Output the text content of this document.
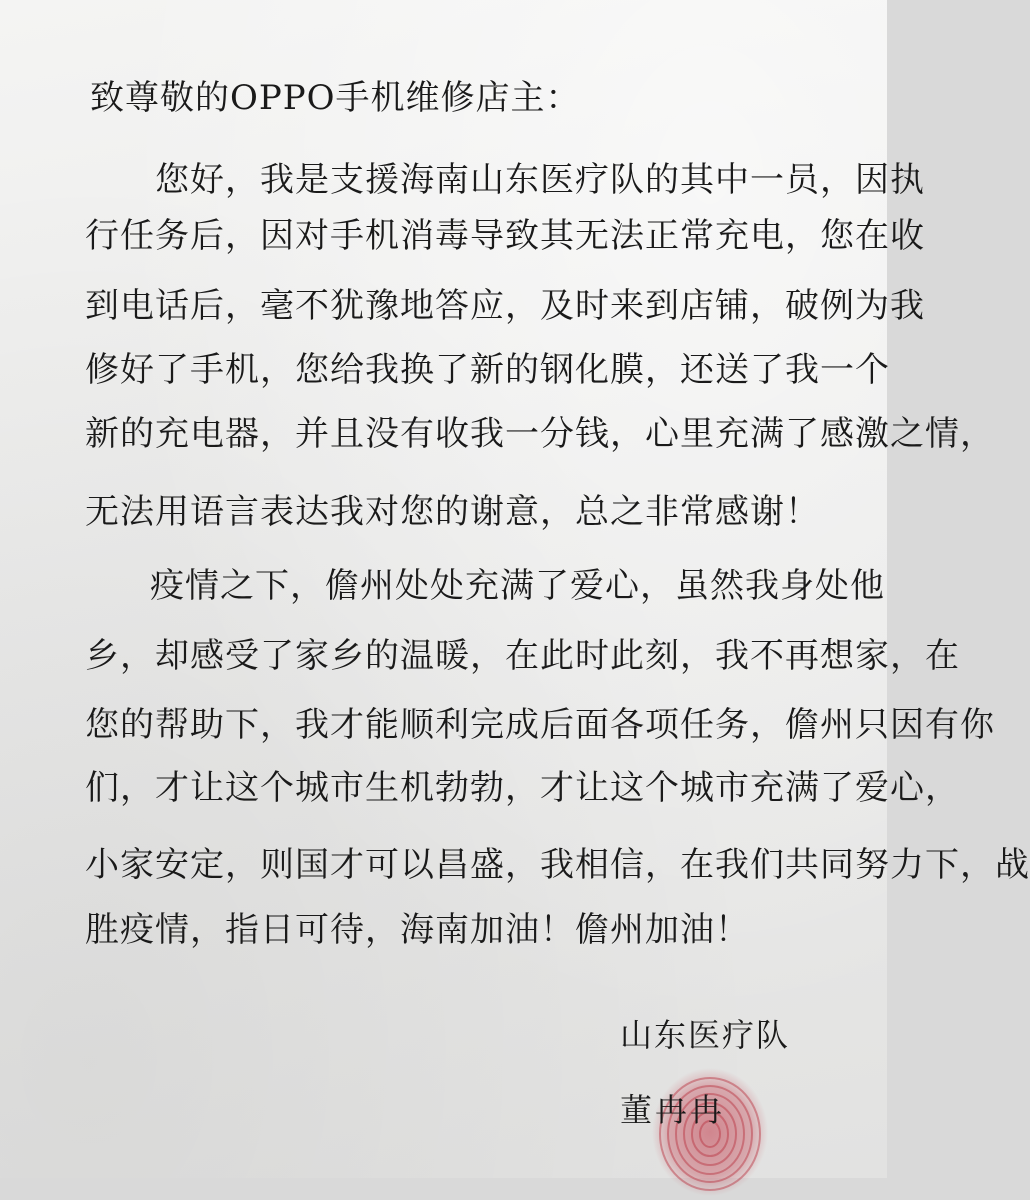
致尊敬的OPPO手机维修店主：
您好，我是支援海南山东医疗队的其中一员，因执
行任务后，因对手机消毒导致其无法正常充电，您在收
到电话后，毫不犹豫地答应，及时来到店铺，破例为我
修好了手机，您给我换了新的钢化膜，还送了我一个
新的充电器，并且没有收我一分钱，心里充满了感激之情，
无法用语言表达我对您的谢意，总之非常感谢！
疫情之下，儋州处处充满了爱心，虽然我身处他
乡，却感受了家乡的温暖，在此时此刻，我不再想家，在
您的帮助下，我才能顺利完成后面各项任务，儋州只因有你
们，才让这个城市生机勃勃，才让这个城市充满了爱心，
小家安定，则国才可以昌盛，我相信，在我们共同努力下，战
胜疫情，指日可待，海南加油！儋州加油！
山东医疗队
董冉冉
